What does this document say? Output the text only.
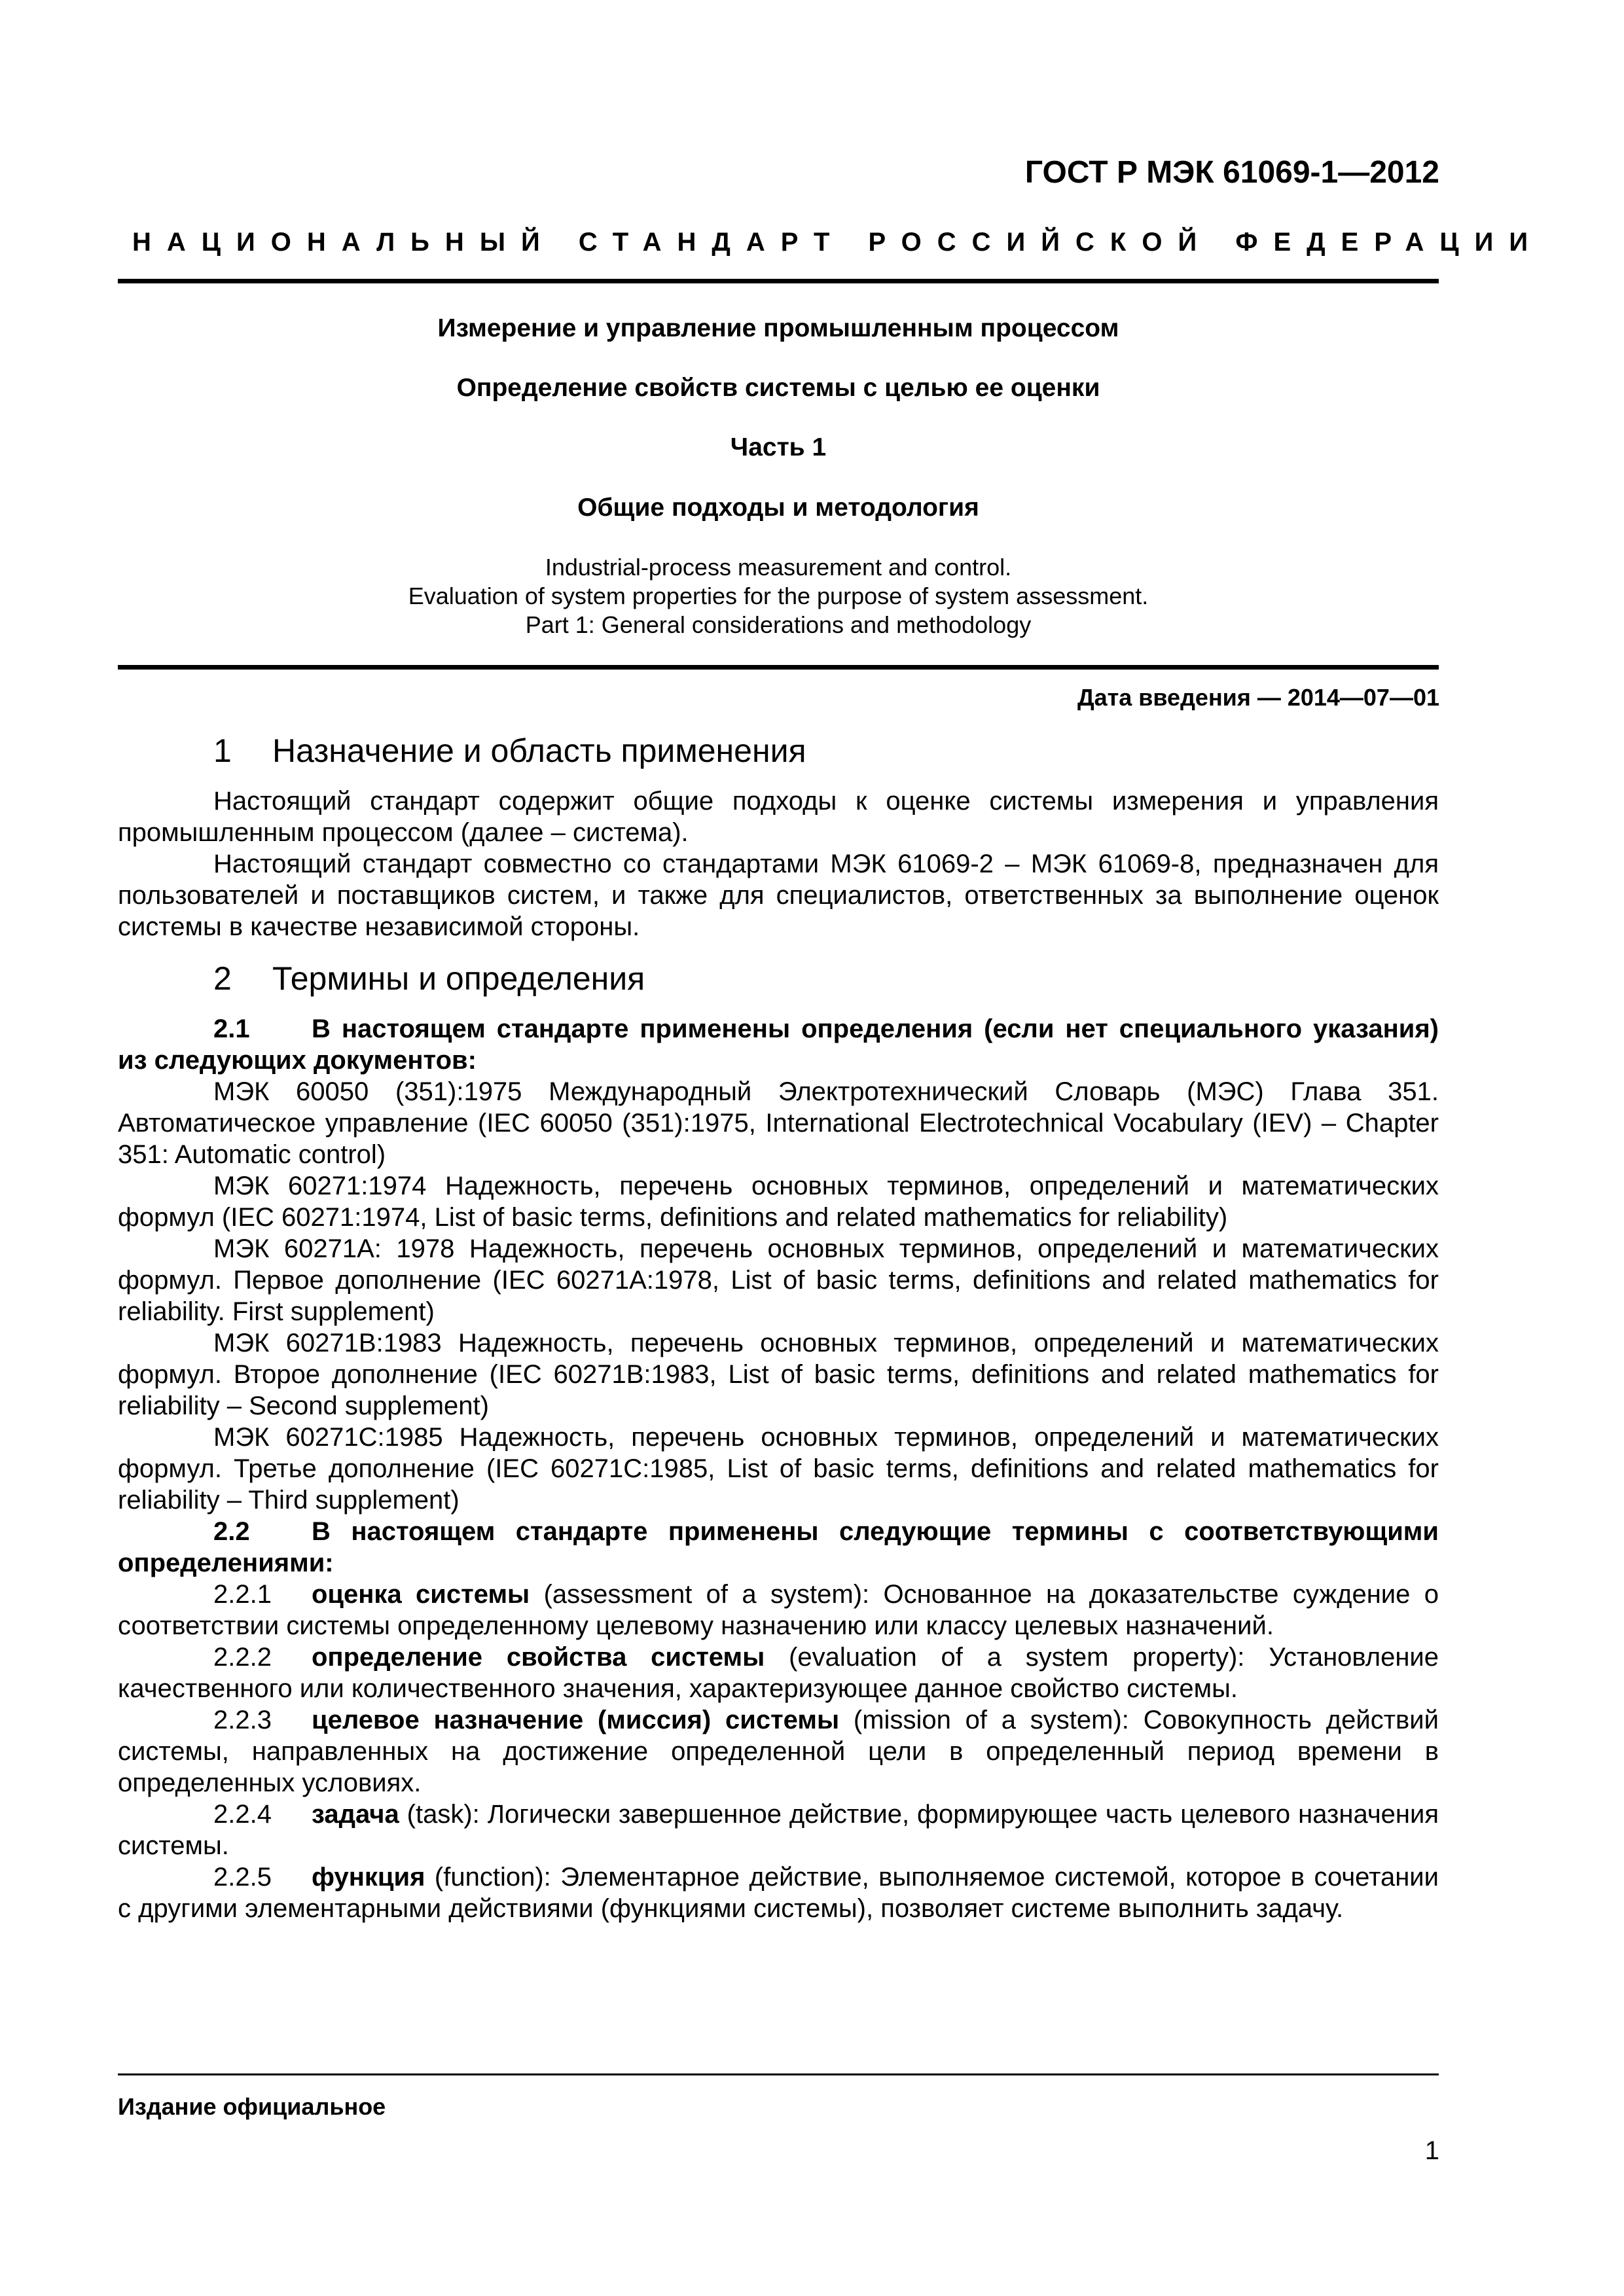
ГОСТ Р МЭК 61069-1—2012
НАЦИОНАЛЬНЫЙ СТАНДАРТ РОССИЙСКОЙ ФЕДЕРАЦИИ
Измерение и управление промышленным процессом
Определение свойств системы с целью ее оценки
Часть 1
Общие подходы и методология
Industrial-process measurement and control.
Evaluation of system properties for the purpose of system assessment.
Part 1: General considerations and methodology
Дата введения — 2014—07—01
1 Назначение и область применения

Настоящий стандарт содержит общие подходы к оценке системы измерения и управления промышленным процессом (далее – система).

Настоящий стандарт совместно со стандартами МЭК 61069-2 – МЭК 61069-8, предназначен для пользователей и поставщиков систем, и также для специалистов, ответственных за выполнение оценок системы в качестве независимой стороны.

2 Термины и определения

2.1 В настоящем стандарте применены определения (если нет специального указания) из следующих документов:

МЭК 60050 (351):1975 Международный Электротехнический Словарь (МЭС) Глава 351. Автоматическое управление (IEC 60050 (351):1975, International Electrotechnical Vocabulary (IEV) – Chapter 351: Automatic control)

МЭК 60271:1974 Надежность, перечень основных терминов, определений и математических формул (IEC 60271:1974, List of basic terms, definitions and related mathematics for reliability)

МЭК 60271А: 1978 Надежность, перечень основных терминов, определений и математических формул. Первое дополнение (IEC 60271A:1978, List of basic terms, definitions and related mathematics for reliability. First supplement)

МЭК 60271В:1983 Надежность, перечень основных терминов, определений и математических формул. Второе дополнение (IEC 60271B:1983, List of basic terms, definitions and related mathematics for reliability – Second supplement)

МЭК 60271С:1985 Надежность, перечень основных терминов, определений и математических формул. Третье дополнение (IEC 60271C:1985, List of basic terms, definitions and related mathematics for reliability – Third supplement)

2.2 В настоящем стандарте применены следующие термины с соответствующими определениями:

2.2.1 оценка системы (assessment of a system): Основанное на доказательстве суждение о соответствии системы определенному целевому назначению или классу целевых назначений.

2.2.2 определение свойства системы (evaluation of a system property): Установление качественного или количественного значения, характеризующее данное свойство системы.

2.2.3 целевое назначение (миссия) системы (mission of a system): Совокупность действий системы, направленных на достижение определенной цели в определенный период времени в определенных условиях.

2.2.4 задача (task): Логически завершенное действие, формирующее часть целевого назначения системы.

2.2.5 функция (function): Элементарное действие, выполняемое системой, которое в сочетании с другими элементарными действиями (функциями системы), позволяет системе выполнить задачу.

Издание официальное
1
